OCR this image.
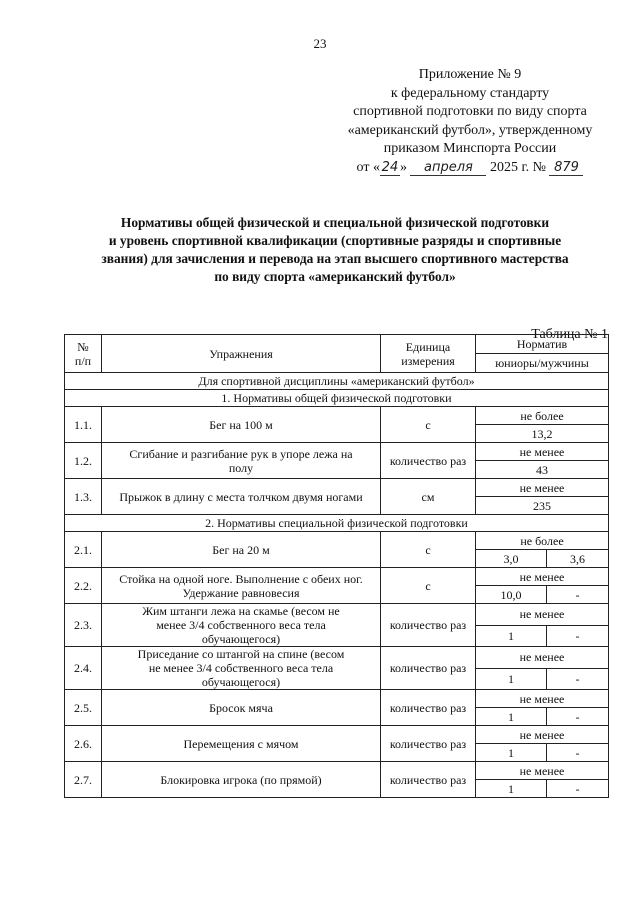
23
Приложение № 9
к федеральному стандарту
спортивной подготовки по виду спорта
«американский футбол», утвержденному
приказом Минспорта России
от « 24 » апреля 2025 г. № 879
Нормативы общей физической и специальной физической подготовки
и уровень спортивной квалификации (спортивные разряды и спортивные
звания) для зачисления и перевода на этап высшего спортивного мастерства
по виду спорта «американский футбол»
Таблица № 1
№
п/п	Упражнения	Единица измерения	Норматив	
			юниоры/мужчины	
Для спортивной дисциплины «американский футбол»				
1. Нормативы общей физической подготовки				
1.1.	Бег на 100 м	с	не более	
			13,2	
1.2.	Сгибание и разгибание рук в упоре лежа на полу	количество раз	не менее	
			43	
1.3.	Прыжок в длину с места толчком двумя ногами	см	не менее	
			235	
2. Нормативы специальной физической подготовки				
2.1.	Бег на 20 м	с	не более	
			3,0	3,6
2.2.	Стойка на одной ноге. Выполнение с обеих ног. Удержание равновесия	с	не менее	
			10,0	-
2.3.	Жим штанги лежа на скамье (весом не менее 3/4 собственного веса тела обучающегося)	количество раз	не менее	
			1	-
2.4.	Приседание со штангой на спине (весом не менее 3/4 собственного веса тела обучающегося)	количество раз	не менее	
			1	-
2.5.	Бросок мяча	количество раз	не менее	
			1	-
2.6.	Перемещения с мячом	количество раз	не менее	
			1	-
2.7.	Блокировка игрока (по прямой)	количество раз	не менее	
			1	-
